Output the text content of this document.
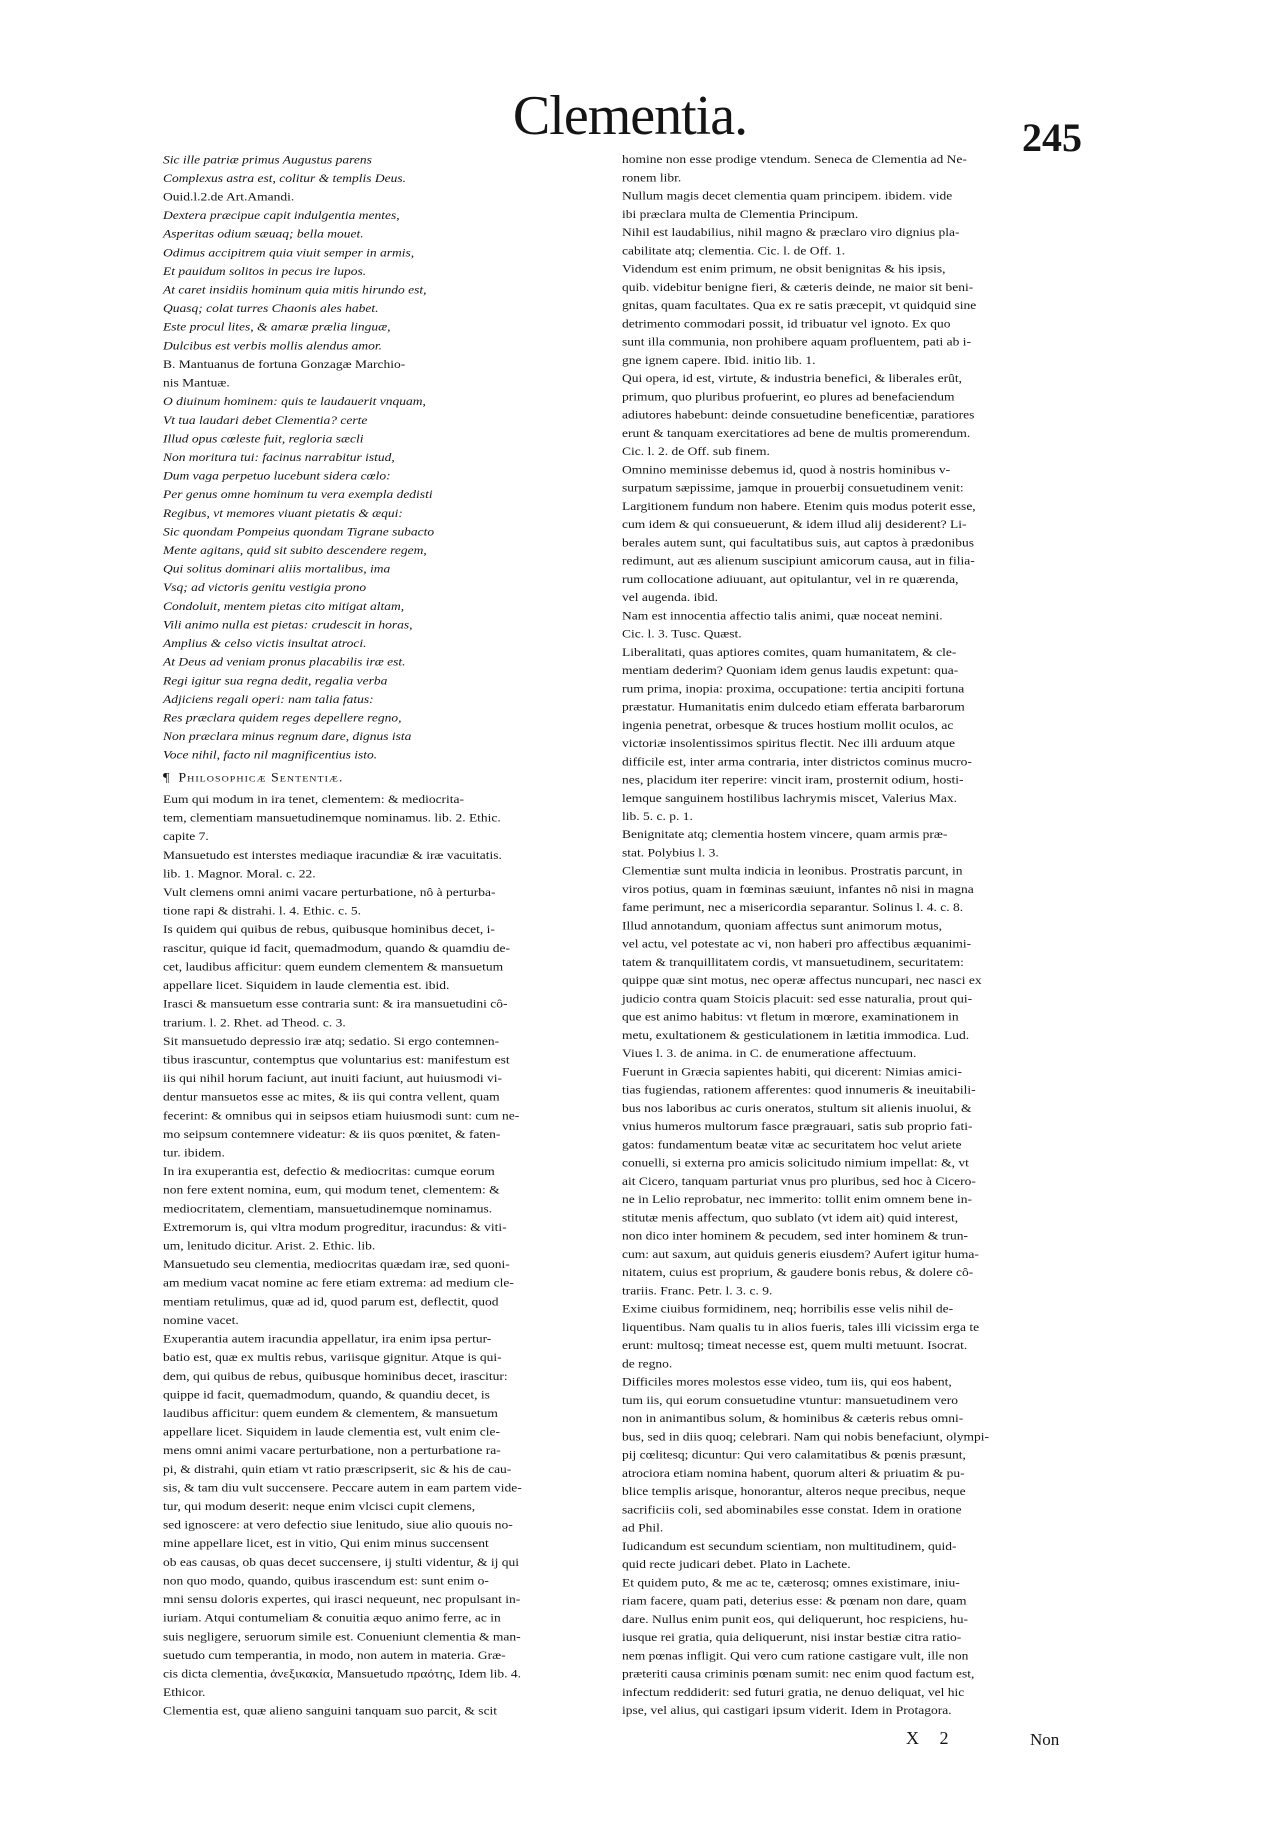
Clementia.	245
Sic ille patriæ primus Augustus parens
Complexus astra est, colitur & templis Deus.

Ouid.l.2.de Art.Amandi.

Dextera præcipue capit indulgentia mentes,
Asperitas odium sæuaq; bella mouet.
Odimus accipitrem quia viuit semper in armis,
Et pauidum solitos in pecus ire lupos.
At caret insidiis hominum quia mitis hirundo est,
Quasq; colat turres Chaonis ales habet.
Este procul lites, & amaræ prælia linguæ,
Dulcibus est verbis mollis alendus amor.
B. Mantuanus de fortuna Gonzagæ Marchio-
nis Mantuæ.
O diuinum hominem: quis te laudauerit vnquam,
Vt tua laudari debet Clementia? certe
Illud opus cœleste fuit, regloria sæcli
Non moritura tui: facinus narrabitur istud,
Dum vaga perpetuo lucebunt sidera cœlo:
Per genus omne hominum tu vera exempla dedisti
Regibus, vt memores viuant pietatis & æqui:
Sic quondam Pompeius quondam Tigrane subacto
Mente agitans, quid sit subito descendere regem,
Qui solitus dominari aliis mortalibus, ima
Vsq; ad victoris genitu vestigia prono
Condoluit, mentem pietas cito mitigat altam,
Vili animo nulla est pietas: crudescit in horas,
Amplius & celso victis insultat atroci.
At Deus ad veniam pronus placabilis iræ est.
Regi igitur sua regna dedit, regalia verba
Adjiciens regali operi: nam talia fatus:
Res præclara quidem reges depellere regno,
Non præclara minus regnum dare, dignus ista
Voce nihil, facto nil magnificentius isto.

¶ Philosophicæ Sententiæ.

Eum qui modum in ira tenet, clementem: & mediocrita-
tem, clementiam mansuetudinemque nominamus. lib. 2. Ethic.
capite 7.
Mansuetudo est interstes mediaque iracundiæ & iræ vacuitatis.
lib. 1. Magnor. Moral. c. 22.
Vult clemens omni animi vacare perturbatione, nô à perturba-
tione rapi & distrahi. l. 4. Ethic. c. 5.
Is quidem qui quibus de rebus, quibusque hominibus decet, i-
rascitur, quique id facit, quemadmodum, quando & quamdiu de-
cet, laudibus afficitur: quem eundem clementem & mansuetum
appellare licet. Siquidem in laude clementia est. ibid.
Irasci & mansuetum esse contraria sunt: & ira mansuetudini cô-
trarium. l. 2. Rhet. ad Theod. c. 3.
Sit mansuetudo depressio iræ atq; sedatio. Si ergo contemnen-
tibus irascuntur, contemptus que voluntarius est: manifestum est
iis qui nihil horum faciunt, aut inuiti faciunt, aut huiusmodi vi-
dentur mansuetos esse ac mites, & iis qui contra vellent, quam
fecerint: & omnibus qui in seipsos etiam huiusmodi sunt: cum ne-
mo seipsum contemnere videatur: & iis quos pœnitet, & faten-
tur. ibidem.
In ira exuperantia est, defectio & mediocritas: cumque eorum
non fere extent nomina, eum, qui modum tenet, clementem: &
mediocritatem, clementiam, mansuetudinemque nominamus.
Extremorum is, qui vltra modum progreditur, iracundus: & viti-
um, lenitudo dicitur. Arist. 2. Ethic. lib.
Mansuetudo seu clementia, mediocritas quædam iræ, sed quoni-
am medium vacat nomine ac fere etiam extrema: ad medium cle-
mentiam retulimus, quæ ad id, quod parum est, deflectit, quod
nomine vacet.
Exuperantia autem iracundia appellatur, ira enim ipsa pertur-
batio est, quæ ex multis rebus, variisque gignitur. Atque is qui-
dem, qui quibus de rebus, quibusque hominibus decet, irascitur:
quippe id facit, quemadmodum, quando, & quandiu decet, is
laudibus afficitur: quem eundem & clementem, & mansuetum
appellare licet. Siquidem in laude clementia est, vult enim cle-
mens omni animi vacare perturbatione, non a perturbatione ra-
pi, & distrahi, quin etiam vt ratio præscripserit, sic & his de cau-
sis, & tam diu vult succensere. Peccare autem in eam partem vide-
tur, qui modum deserit: neque enim vlcisci cupit clemens,
sed ignoscere: at vero defectio siue lenitudo, siue alio quouis no-
mine appellare licet, est in vitio, Qui enim minus succensent
ob eas causas, ob quas decet succensere, ij stulti videntur, & ij qui
non quo modo, quando, quibus irascendum est: sunt enim o-
mni sensu doloris expertes, qui irasci nequeunt, nec propulsant in-
iuriam. Atqui contumeliam & conuitia æquo animo ferre, ac in
suis negligere, seruorum simile est. Conueniunt clementia & man-
suetudo cum temperantia, in modo, non autem in materia. Græ-
cis dicta clementia, ἀνεξικακία, Mansuetudo πραότης, Idem lib. 4.
Ethicor.
Clementia est, quæ alieno sanguini tanquam suo parcit, & scit
homine non esse prodige vtendum. Seneca de Clementia ad Ne-
ronem libr.
Nullum magis decet clementia quam principem. ibidem. vide
ibi præclara multa de Clementia Principum.
Nihil est laudabilius, nihil magno & præclaro viro dignius pla-
cabilitate atq; clementia. Cic. l. de Off. 1.
Videndum est enim primum, ne obsit benignitas & his ipsis,
quib. videbitur benigne fieri, & cæteris deinde, ne maior sit beni-
gnitas, quam facultates. Qua ex re satis præcepit, vt quidquid sine
detrimento commodari possit, id tribuatur vel ignoto. Ex quo
sunt illa communia, non prohibere aquam profluentem, pati ab i-
gne ignem capere. Ibid. initio lib. 1.
Qui opera, id est, virtute, & industria benefici, & liberales erût,
primum, quo pluribus profuerint, eo plures ad benefaciendum
adiutores habebunt: deinde consuetudine beneficentiæ, paratiores
erunt & tanquam exercitatiores ad bene de multis promerendum.
Cic. l. 2. de Off. sub finem.
Omnino meminisse debemus id, quod à nostris hominibus v-
surpatum sæpissime, jamque in prouerbij consuetudinem venit:
Largitionem fundum non habere. Etenim quis modus poterit esse,
cum idem & qui consueuerunt, & idem illud alij desiderent? Li-
berales autem sunt, qui facultatibus suis, aut captos à prædonibus
redimunt, aut æs alienum suscipiunt amicorum causa, aut in filia-
rum collocatione adiuuant, aut opitulantur, vel in re quærenda,
vel augenda. ibid.
Nam est innocentia affectio talis animi, quæ noceat nemini.
Cic. l. 3. Tusc. Quæst.
Liberalitati, quas aptiores comites, quam humanitatem, & cle-
mentiam dederim? Quoniam idem genus laudis expetunt: qua-
rum prima, inopia: proxima, occupatione: tertia ancipiti fortuna
præstatur. Humanitatis enim dulcedo etiam efferata barbarorum
ingenia penetrat, orbesque & truces hostium mollit oculos, ac
victoriæ insolentissimos spiritus flectit. Nec illi arduum atque
difficile est, inter arma contraria, inter districtos cominus mucro-
nes, placidum iter reperire: vincit iram, prosternit odium, hosti-
lemque sanguinem hostilibus lachrymis miscet, Valerius Max.
lib. 5. c. p. 1.
Benignitate atq; clementia hostem vincere, quam armis præ-
stat. Polybius l. 3.
Clementiæ sunt multa indicia in leonibus. Prostratis parcunt, in
viros potius, quam in fœminas sæuiunt, infantes nô nisi in magna
fame perimunt, nec a misericordia separantur. Solinus l. 4. c. 8.
Illud annotandum, quoniam affectus sunt animorum motus,
vel actu, vel potestate ac vi, non haberi pro affectibus æquanimi-
tatem & tranquillitatem cordis, vt mansuetudinem, securitatem:
quippe quæ sint motus, nec operæ affectus nuncupari, nec nasci ex
judicio contra quam Stoicis placuit: sed esse naturalia, prout qui-
que est animo habitus: vt fletum in mœrore, examinationem in
metu, exultationem & gesticulationem in lætitia immodica. Lud.
Viues l. 3. de anima. in C. de enumeratione affectuum.
Fuerunt in Græcia sapientes habiti, qui dicerent: Nimias amici-
tias fugiendas, rationem afferentes: quod innumeris & ineuitabili-
bus nos laboribus ac curis oneratos, stultum sit alienis inuolui, &
vnius humeros multorum fasce prægrauari, satis sub proprio fati-
gatos: fundamentum beatæ vitæ ac securitatem hoc velut ariete
conuelli, si externa pro amicis solicitudo nimium impellat: &, vt
ait Cicero, tanquam parturiat vnus pro pluribus, sed hoc à Cicero-
ne in Lelio reprobatur, nec immerito: tollit enim omnem bene in-
stitutæ menis affectum, quo sublato (vt idem ait) quid interest,
non dico inter hominem & pecudem, sed inter hominem & trun-
cum: aut saxum, aut quiduis generis eiusdem? Aufert igitur huma-
nitatem, cuius est proprium, & gaudere bonis rebus, & dolere cô-
trariis. Franc. Petr. l. 3. c. 9.
Exime ciuibus formidinem, neq; horribilis esse velis nihil de-
liquentibus. Nam qualis tu in alios fueris, tales illi vicissim erga te
erunt: multosq; timeat necesse est, quem multi metuunt. Isocrat.
de regno.
Difficiles mores molestos esse video, tum iis, qui eos habent,
tum iis, qui eorum consuetudine vtuntur: mansuetudinem vero
non in animantibus solum, & hominibus & cæteris rebus omni-
bus, sed in diis quoq; celebrari. Nam qui nobis benefaciunt, olympi-
pij cœlitesq; dicuntur: Qui vero calamitatibus & pœnis præsunt,
atrociora etiam nomina habent, quorum alteri & priuatim & pu-
blice templis arisque, honorantur, alteros neque precibus, neque
sacrificiis coli, sed abominabiles esse constat. Idem in oratione
ad Phil.
Iudicandum est secundum scientiam, non multitudinem, quid-
quid recte judicari debet. Plato in Lachete.
Et quidem puto, & me ac te, cæterosq; omnes existimare, iniu-
riam facere, quam pati, deterius esse: & pœnam non dare, quam
dare. Nullus enim punit eos, qui deliquerunt, hoc respiciens, hu-
iusque rei gratia, quia deliquerunt, nisi instar bestiæ citra ratio-
nem pœnas infligit. Qui vero cum ratione castigare vult, ille non
præteriti causa criminis pœnam sumit: nec enim quod factum est,
infectum reddiderit: sed futuri gratia, ne denuo deliquat, vel hic
ipse, vel alius, qui castigari ipsum viderit. Idem in Protagora.
X 2	Non
